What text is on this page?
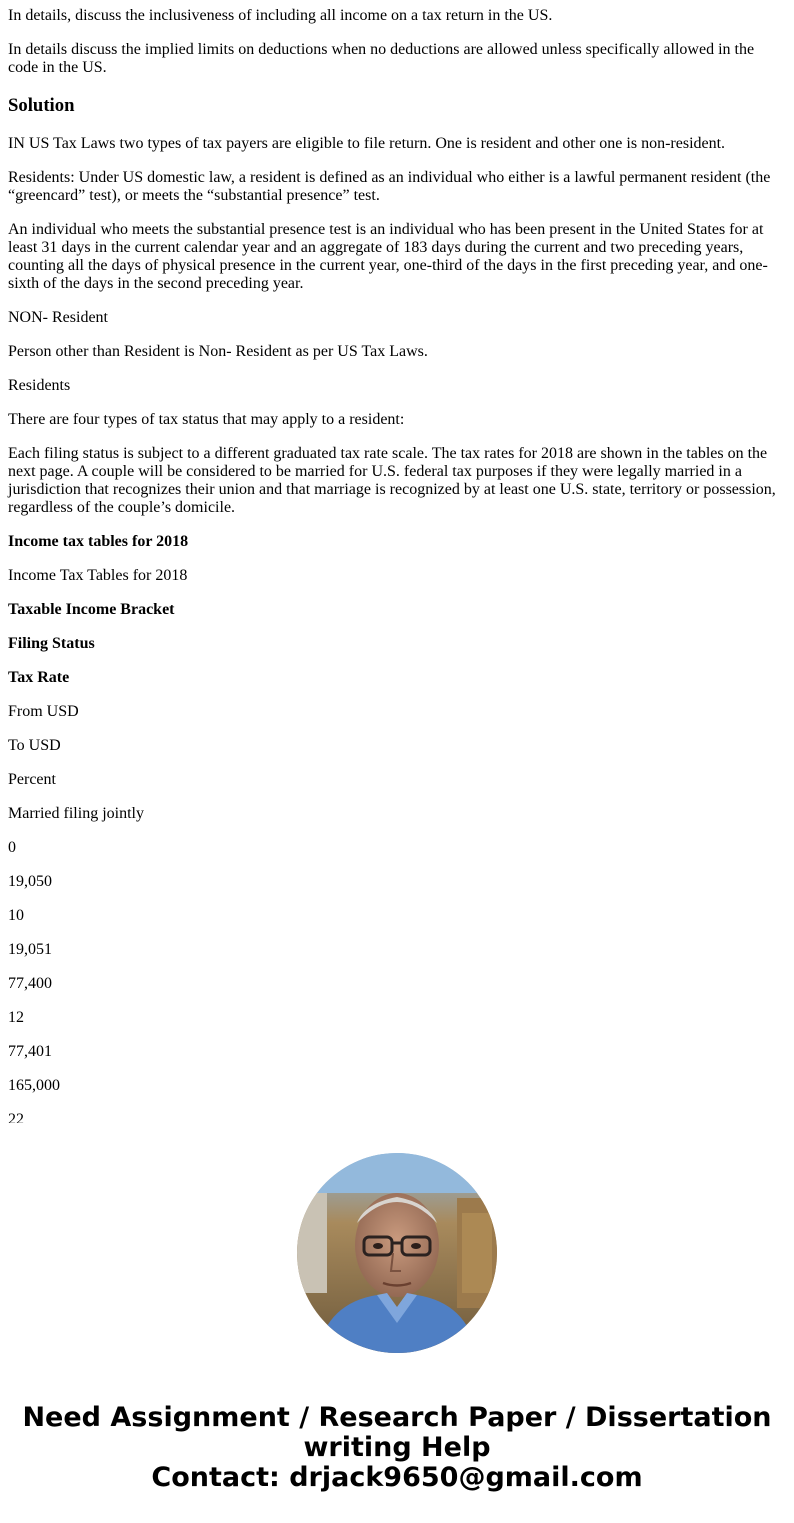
In details, discuss the inclusiveness of including all income on a tax return in the US.

In details discuss the implied limits on deductions when no deductions are allowed unless specifically allowed in the code in the US.

Solution

IN US Tax Laws two types of tax payers are eligible to file return. One is resident and other one is non-resident.

Residents: Under US domestic law, a resident is defined as an individual who either is a lawful permanent resident (the “greencard” test), or meets the “substantial presence” test.

An individual who meets the substantial presence test is an individual who has been present in the United States for at least 31 days in the current calendar year and an aggregate of 183 days during the current and two preceding years, counting all the days of physical presence in the current year, one-third of the days in the first preceding year, and one-sixth of the days in the second preceding year.

NON- Resident

Person other than Resident is Non- Resident as per US Tax Laws.

Residents

There are four types of tax status that may apply to a resident:

Each filing status is subject to a different graduated tax rate scale. The tax rates for 2018 are shown in the tables on the next page. A couple will be considered to be married for U.S. federal tax purposes if they were legally married in a jurisdiction that recognizes their union and that marriage is recognized by at least one U.S. state, territory or possession, regardless of the couple’s domicile.

Income tax tables for 2018

Income Tax Tables for 2018

Taxable Income Bracket

Filing Status

Tax Rate

From USD

To USD

Percent

Married filing jointly

0

19,050

10

19,051

77,400

12

77,401

165,000

22

Need Assignment / Research Paper / Dissertation
writing Help
Contact: drjack9650@gmail.com
